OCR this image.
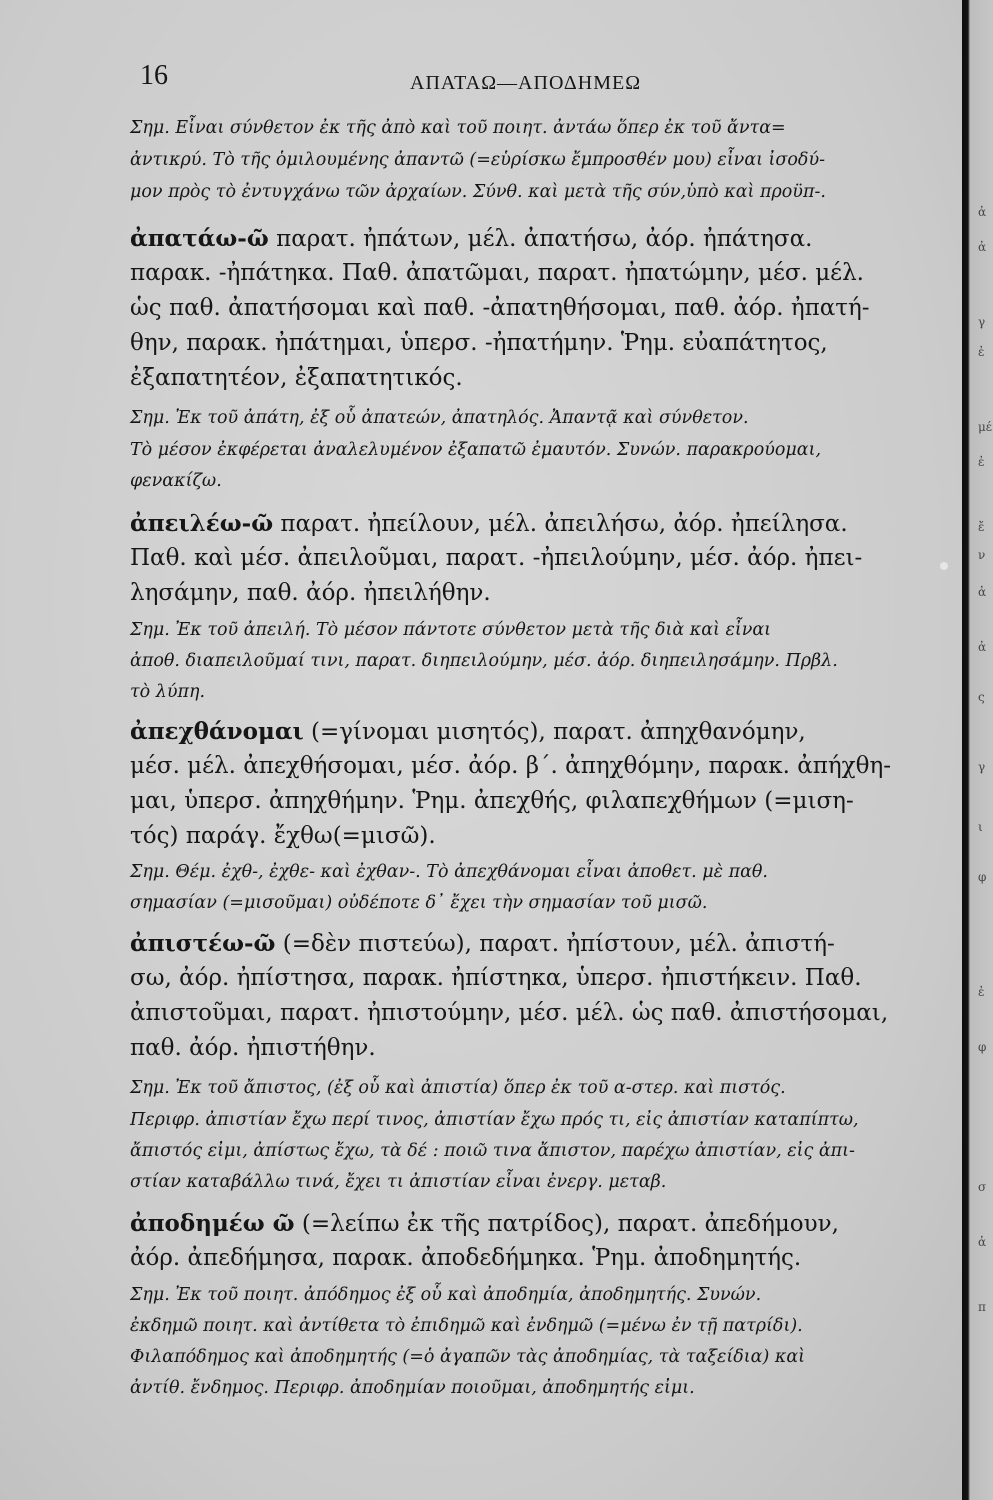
16	ΑΠΑΤΑΩ—ΑΠΟΔΗΜΕΩ
Σημ. Εἶναι σύνθετον ἐκ τῆς ἀπὸ καὶ τοῦ ποιητ. ἀντάω ὅπερ ἐκ τοῦ ἄντα=
ἀντικρύ. Τὸ τῆς ὁμιλουμένης ἀπαντῶ (=εὑρίσκω ἔμπροσθέν μου) εἶναι ἰσοδύ-
μον πρὸς τὸ ἐντυγχάνω τῶν ἀρχαίων. Σύνθ. καὶ μετὰ τῆς σύν,ὑπὸ καὶ προϋπ-.
ἀπατάω-ῶ παρατ. ἠπάτων, μέλ. ἀπατήσω, ἀόρ. ἠπάτησα.
παρακ. -ἠπάτηκα. Παθ. ἀπατῶμαι, παρατ. ἠπατώμην, μέσ. μέλ.
ὡς παθ. ἀπατήσομαι καὶ παθ. -ἀπατηθήσομαι, παθ. ἀόρ. ἠπατή-
θην, παρακ. ἠπάτημαι, ὑπερσ. -ἠπατήμην. Ῥημ. εὐαπάτητος,
ἐξαπατητέον, ἐξαπατητικός.
Σημ. Ἐκ τοῦ ἀπάτη, ἐξ οὗ ἀπατεών, ἀπατηλός. Ἀπαντᾷ καὶ σύνθετον.
Τὸ μέσον ἐκφέρεται ἀναλελυμένον ἐξαπατῶ ἐμαυτόν. Συνών. παρακρούομαι,
φενακίζω.
ἀπειλέω-ῶ παρατ. ἠπείλουν, μέλ. ἀπειλήσω, ἀόρ. ἠπείλησα.
Παθ. καὶ μέσ. ἀπειλοῦμαι, παρατ. -ἠπειλούμην, μέσ. ἀόρ. ἠπει-
λησάμην, παθ. ἀόρ. ἠπειλήθην.
Σημ. Ἐκ τοῦ ἀπειλή. Τὸ μέσον πάντοτε σύνθετον μετὰ τῆς διὰ καὶ εἶναι
ἀποθ. διαπειλοῦμαί τινι, παρατ. διηπειλούμην, μέσ. ἀόρ. διηπειλησάμην. Πρβλ.
τὸ λύπη.
ἀπεχθάνομαι (=γίνομαι μισητός), παρατ. ἀπηχθανόμην,
μέσ. μέλ. ἀπεχθήσομαι, μέσ. ἀόρ. β΄. ἀπηχθόμην, παρακ. ἀπήχθη-
μαι, ὑπερσ. ἀπηχθήμην. Ῥημ. ἀπεχθής, φιλαπεχθήμων (=μιση-
τός) παράγ. ἔχθω(=μισῶ).
Σημ. Θέμ. ἐχθ-, ἐχθε- καὶ ἐχθαν-. Τὸ ἀπεχθάνομαι εἶναι ἀποθετ. μὲ παθ.
σημασίαν (=μισοῦμαι) οὐδέποτε δ᾽ ἔχει τὴν σημασίαν τοῦ μισῶ.
ἀπιστέω-ῶ (=δὲν πιστεύω), παρατ. ἠπίστουν, μέλ. ἀπιστή-
σω, ἀόρ. ἠπίστησα, παρακ. ἠπίστηκα, ὑπερσ. ἠπιστήκειν. Παθ.
ἀπιστοῦμαι, παρατ. ἠπιστούμην, μέσ. μέλ. ὡς παθ. ἀπιστήσομαι,
παθ. ἀόρ. ἠπιστήθην.
Σημ. Ἐκ τοῦ ἄπιστος, (ἐξ οὗ καὶ ἀπιστία) ὅπερ ἐκ τοῦ α-στερ. καὶ πιστός.
Περιφρ. ἀπιστίαν ἔχω περί τινος, ἀπιστίαν ἔχω πρός τι, εἰς ἀπιστίαν καταπίπτω,
ἄπιστός εἰμι, ἀπίστως ἔχω, τὰ δέ : ποιῶ τινα ἄπιστον, παρέχω ἀπιστίαν, εἰς ἀπι-
στίαν καταβάλλω τινά, ἔχει τι ἀπιστίαν εἶναι ἐνεργ. μεταβ.
ἀποδημέω ῶ (=λείπω ἐκ τῆς πατρίδος), παρατ. ἀπεδήμουν,
ἀόρ. ἀπεδήμησα, παρακ. ἀποδεδήμηκα. Ῥημ. ἀποδημητής.
Σημ. Ἐκ τοῦ ποιητ. ἀπόδημος ἐξ οὗ καὶ ἀποδημία, ἀποδημητής. Συνών.
ἐκδημῶ ποιητ. καὶ ἀντίθετα τὸ ἐπιδημῶ καὶ ἐνδημῶ (=μένω ἐν τῇ πατρίδι).
Φιλαπόδημος καὶ ἀποδημητής (=ὁ ἀγαπῶν τὰς ἀποδημίας, τὰ ταξείδια) καὶ
ἀντίθ. ἔνδημος. Περιφρ. ἀποδημίαν ποιοῦμαι, ἀποδημητής εἰμι.
ἀ
ἀ
γ
ἐ
μέ
ἐ
ἔ
ν
ἀ
ἀ
ς
γ
ι
φ
ἐ
φ
σ
ἀ
π
